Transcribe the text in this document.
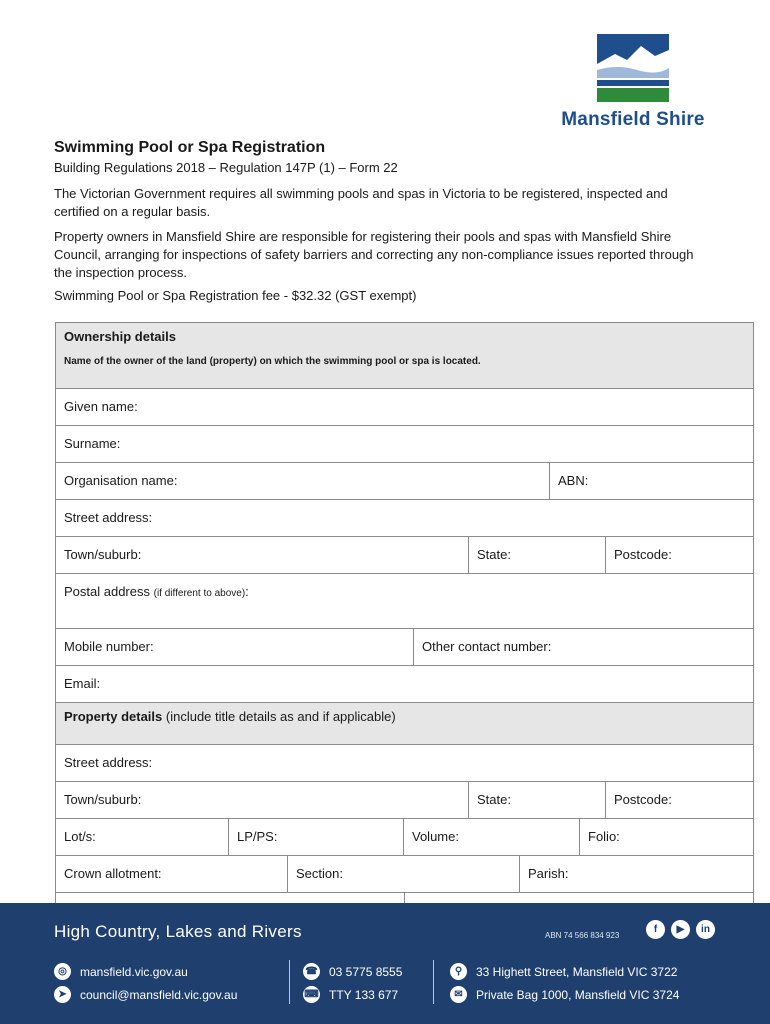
Mansfield Shire
Swimming Pool or Spa Registration
Building Regulations 2018 – Regulation 147P (1) – Form 22
The Victorian Government requires all swimming pools and spas in Victoria to be registered, inspected and certified on a regular basis.
Property owners in Mansfield Shire are responsible for registering their pools and spas with Mansfield Shire Council, arranging for inspections of safety barriers and correcting any non-compliance issues reported through the inspection process.
Swimming Pool or Spa Registration fee - $32.32 (GST exempt)
Ownership details
Name of the owner of the land (property) on which the swimming pool or spa is located.
Given name:
Surname:
Organisation name:	ABN:
Street address:
Town/suburb:	State:	Postcode:
Postal address (if different to above):
Mobile number:	Other contact number:
Email:
Property details (include title details as and if applicable)
Street address:
Town/suburb:	State:	Postcode:
Lot/s:	LP/PS:	Volume:	Folio:
Crown allotment:	Section:	Parish:
High Country, Lakes and Rivers	ABN 74 566 834 923
f	▶	in
◎	mansfield.vic.gov.au
➤	council@mansfield.vic.gov.au
☎ 03 5775 8555
⌨ TTY 133 677
⚲	33 Highett Street, Mansfield VIC 3722
✉	Private Bag 1000, Mansfield VIC 3724
